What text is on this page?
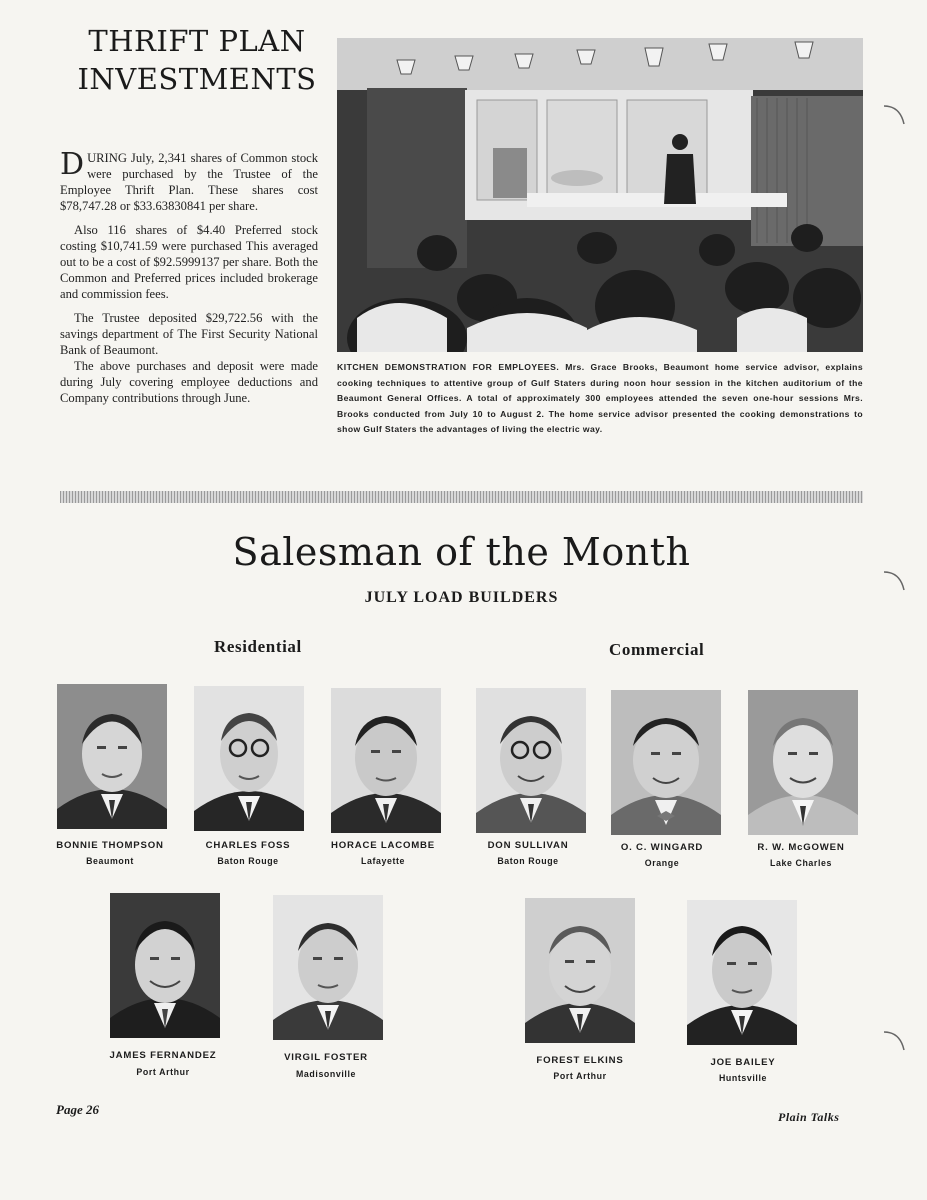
THRIFT PLAN INVESTMENTS

DURING July, 2,341 shares of Common stock were purchased by the Trustee of the Employee Thrift Plan. These shares cost $78,747.28 or $33.63830841 per share.

Also 116 shares of $4.40 Preferred stock costing $10,741.59 were purchased This averaged out to be a cost of $92.5999137 per share. Both the Common and Preferred prices included brokerage and commission fees.

The Trustee deposited $29,722.56 with the savings department of The First Security National Bank of Beaumont.

The above purchases and deposit were made during July covering employee deductions and Company contributions through June.

KITCHEN DEMONSTRATION FOR EMPLOYEES. Mrs. Grace Brooks, Beaumont home service advisor, explains cooking techniques to attentive group of Gulf Staters during noon hour session in the kitchen auditorium of the Beaumont General Offices. A total of approximately 300 employees attended the seven one-hour sessions Mrs. Brooks conducted from July 10 to August 2. The home service advisor presented the cooking demonstrations to show Gulf Staters the advantages of living the electric way.
Salesman of the Month
JULY LOAD BUILDERS
Residential	Commercial
BONNIE THOMPSON
Beaumont
CHARLES FOSS
Baton Rouge
HORACE LACOMBE
Lafayette
DON SULLIVAN
Baton Rouge
O. C. WINGARD
Orange
R. W. McGOWEN
Lake Charles
JAMES FERNANDEZ
Port Arthur
VIRGIL FOSTER
Madisonville
FOREST ELKINS
Port Arthur
JOE BAILEY
Huntsville
Page 26	Plain Talks
